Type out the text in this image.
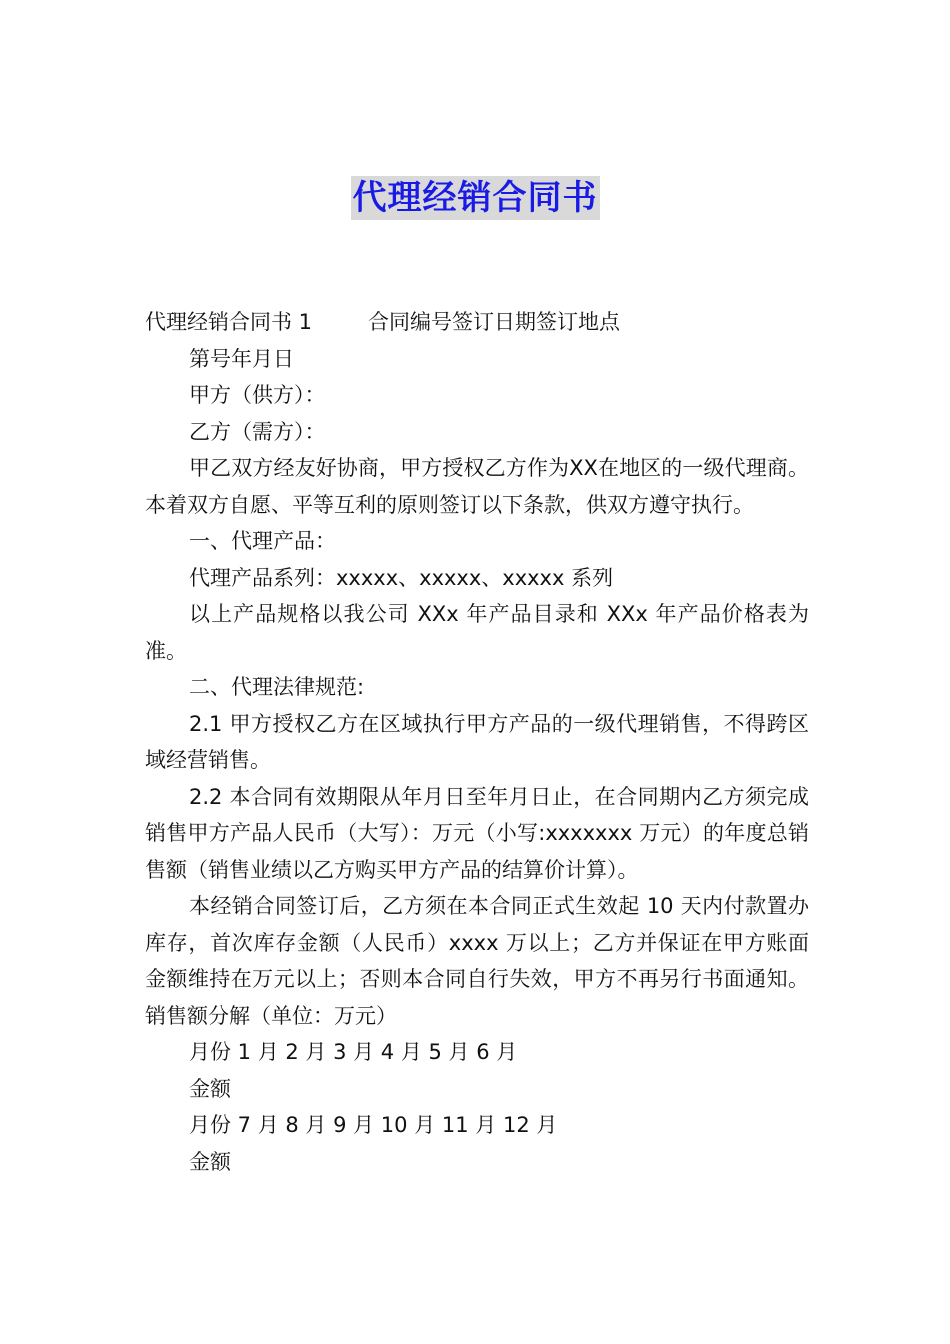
代理经销合同书

代理经销合同书 1	合同编号签订日期签订地点

第号年月日

甲方（供方）：

乙方（需方）：

甲乙双方经友好协商，甲方授权乙方作为XX在地区的一级代理商。本着双方自愿、平等互利的原则签订以下条款，供双方遵守执行。

一、代理产品：

代理产品系列：xxxxx、xxxxx、xxxxx 系列

以上产品规格以我公司 XXx 年产品目录和 XXx 年产品价格表为准。

二、代理法律规范:

2.1 甲方授权乙方在区域执行甲方产品的一级代理销售，不得跨区域经营销售。

2.2 本合同有效期限从年月日至年月日止，在合同期内乙方须完成销售甲方产品人民币（大写）：万元（小写:xxxxxxx 万元）的年度总销售额（销售业绩以乙方购买甲方产品的结算价计算）。

本经销合同签订后，乙方须在本合同正式生效起 10 天内付款置办库存，首次库存金额（人民币）xxxx 万以上；乙方并保证在甲方账面金额维持在万元以上；否则本合同自行失效，甲方不再另行书面通知。销售额分解（单位：万元）

月份 1 月 2 月 3 月 4 月 5 月 6 月

金额

月份 7 月 8 月 9 月 10 月 11 月 12 月

金额
